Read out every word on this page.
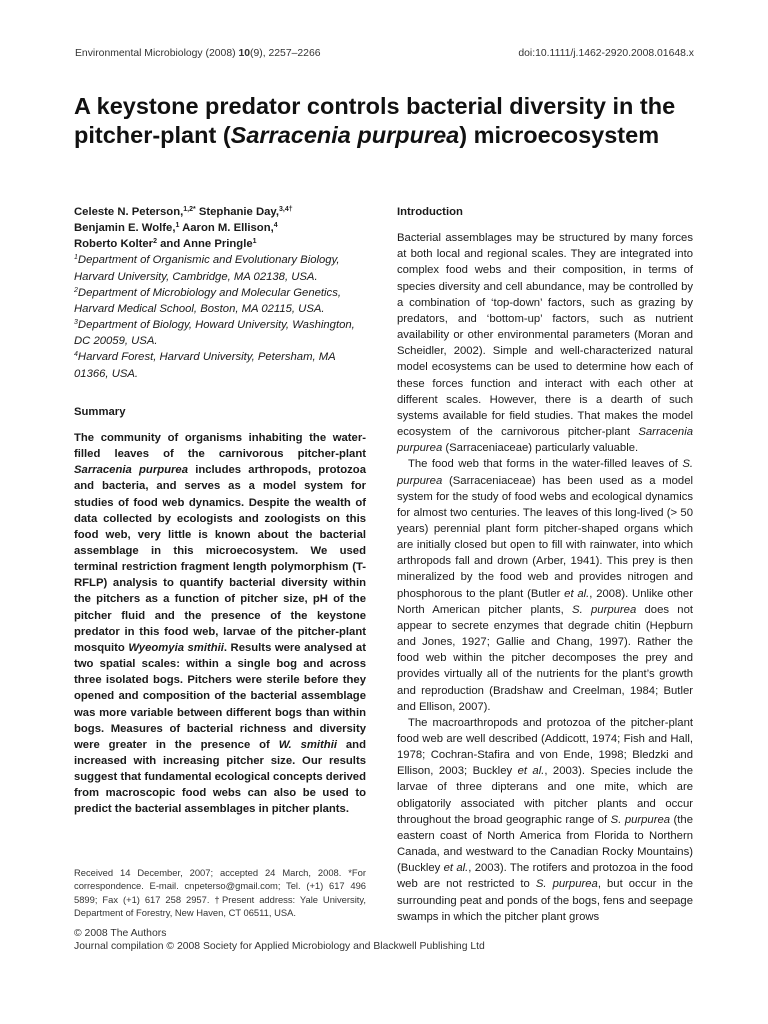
Environmental Microbiology (2008) 10(9), 2257–2266	doi:10.1111/j.1462-2920.2008.01648.x
A keystone predator controls bacterial diversity in the pitcher-plant (Sarracenia purpurea) microecosystem

Celeste N. Peterson,$^{1,2*}$ Stephanie Day,$^{3,4\dagger}$

Benjamin E. Wolfe,$^1$ Aaron M. Ellison,$^4$

Roberto Kolter$^2$ and Anne Pringle$^1$

$^1$Department of Organismic and Evolutionary Biology, Harvard University, Cambridge, MA 02138, USA.

$^2$Department of Microbiology and Molecular Genetics, Harvard Medical School, Boston, MA 02115, USA.

$^3$Department of Biology, Howard University, Washington, DC 20059, USA.

$^4$Harvard Forest, Harvard University, Petersham, MA 01366, USA.

Summary

The community of organisms inhabiting the water-filled leaves of the carnivorous pitcher-plant Sarracenia purpurea includes arthropods, protozoa and bacteria, and serves as a model system for studies of food web dynamics. Despite the wealth of data collected by ecologists and zoologists on this food web, very little is known about the bacterial assemblage in this microecosystem. We used terminal restriction fragment length polymorphism (T-RFLP) analysis to quantify bacterial diversity within the pitchers as a function of pitcher size, pH of the pitcher fluid and the presence of the keystone predator in this food web, larvae of the pitcher-plant mosquito Wyeomyia smithii. Results were analysed at two spatial scales: within a single bog and across three isolated bogs. Pitchers were sterile before they opened and composition of the bacterial assemblage was more variable between different bogs than within bogs. Measures of bacterial richness and diversity were greater in the presence of W. smithii and increased with increasing pitcher size. Our results suggest that fundamental ecological concepts derived from macroscopic food webs can also be used to predict the bacterial assemblages in pitcher plants.

Received 14 December, 2007; accepted 24 March, 2008. *For correspondence. E-mail. cnpeterso@gmail.com; Tel. (+1) 617 496 5899; Fax (+1) 617 258 2957. †Present address: Yale University, Department of Forestry, New Haven, CT 06511, USA.

Introduction

Bacterial assemblages may be structured by many forces at both local and regional scales. They are integrated into complex food webs and their composition, in terms of species diversity and cell abundance, may be controlled by a combination of ‘top-down’ factors, such as grazing by predators, and ‘bottom-up’ factors, such as nutrient availability or other environmental parameters (Moran and Scheidler, 2002). Simple and well-characterized natural model ecosystems can be used to determine how each of these forces function and interact with each other at different scales. However, there is a dearth of such systems available for field studies. That makes the model ecosystem of the carnivorous pitcher-plant Sarracenia purpurea (Sarraceniaceae) particularly valuable.

The food web that forms in the water-filled leaves of S. purpurea (Sarraceniaceae) has been used as a model system for the study of food webs and ecological dynamics for almost two centuries. The leaves of this long-lived (> 50 years) perennial plant form pitcher-shaped organs which are initially closed but open to fill with rainwater, into which arthropods fall and drown (Arber, 1941). This prey is then mineralized by the food web and provides nitrogen and phosphorous to the plant (Butler et al., 2008). Unlike other North American pitcher plants, S. purpurea does not appear to secrete enzymes that degrade chitin (Hepburn and Jones, 1927; Gallie and Chang, 1997). Rather the food web within the pitcher decomposes the prey and provides virtually all of the nutrients for the plant’s growth and reproduction (Bradshaw and Creelman, 1984; Butler and Ellison, 2007).

The macroarthropods and protozoa of the pitcher-plant food web are well described (Addicott, 1974; Fish and Hall, 1978; Cochran-Stafira and von Ende, 1998; Bledzki and Ellison, 2003; Buckley et al., 2003). Species include the larvae of three dipterans and one mite, which are obligatorily associated with pitcher plants and occur throughout the broad geographic range of S. purpurea (the eastern coast of North America from Florida to Northern Canada, and westward to the Canadian Rocky Mountains) (Buckley et al., 2003). The rotifers and protozoa in the food web are not restricted to S. purpurea, but occur in the surrounding peat and ponds of the bogs, fens and seepage swamps in which the pitcher plant grows

© 2008 The Authors

Journal compilation © 2008 Society for Applied Microbiology and Blackwell Publishing Ltd
